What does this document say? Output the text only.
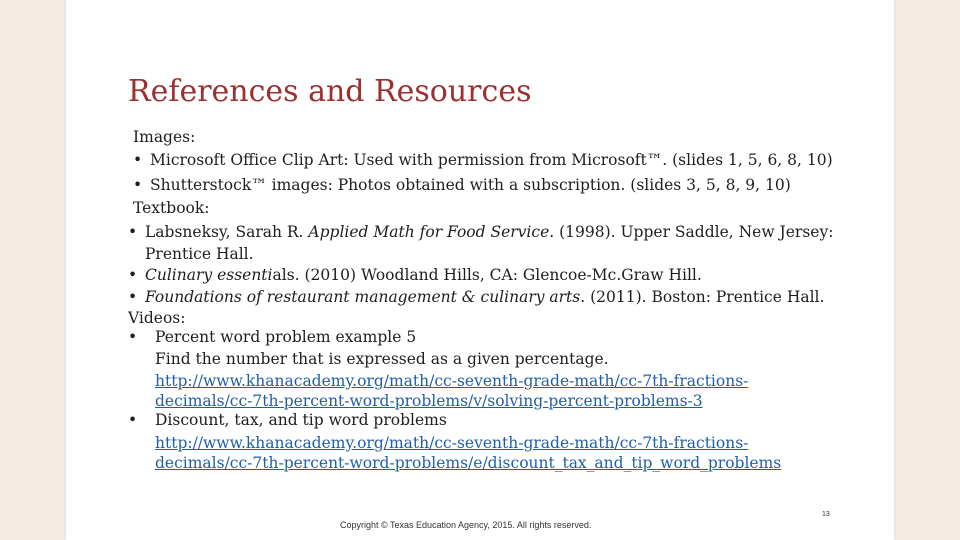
References and Resources
Images:
• Microsoft Office Clip Art: Used with permission from Microsoft™. (slides 1, 5, 6, 8, 10)
• Shutterstock™ images: Photos obtained with a subscription. (slides 3, 5, 8, 9, 10)
Textbook:
• Labsneksy, Sarah R. Applied Math for Food Service. (1998). Upper Saddle, New Jersey:
Prentice Hall.
• Culinary essentials. (2010) Woodland Hills, CA: Glencoe-Mc.Graw Hill.
• Foundations of restaurant management & culinary arts. (2011). Boston: Prentice Hall.
Videos:
• Percent word problem example 5
Find the number that is expressed as a given percentage.
http://www.khanacademy.org/math/cc-seventh-grade-math/cc-7th-fractions-
decimals/cc-7th-percent-word-problems/v/solving-percent-problems-3
• Discount, tax, and tip word problems
http://www.khanacademy.org/math/cc-seventh-grade-math/cc-7th-fractions-
decimals/cc-7th-percent-word-problems/e/discount_tax_and_tip_word_problems
13
Copyright © Texas Education Agency, 2015. All rights reserved.
